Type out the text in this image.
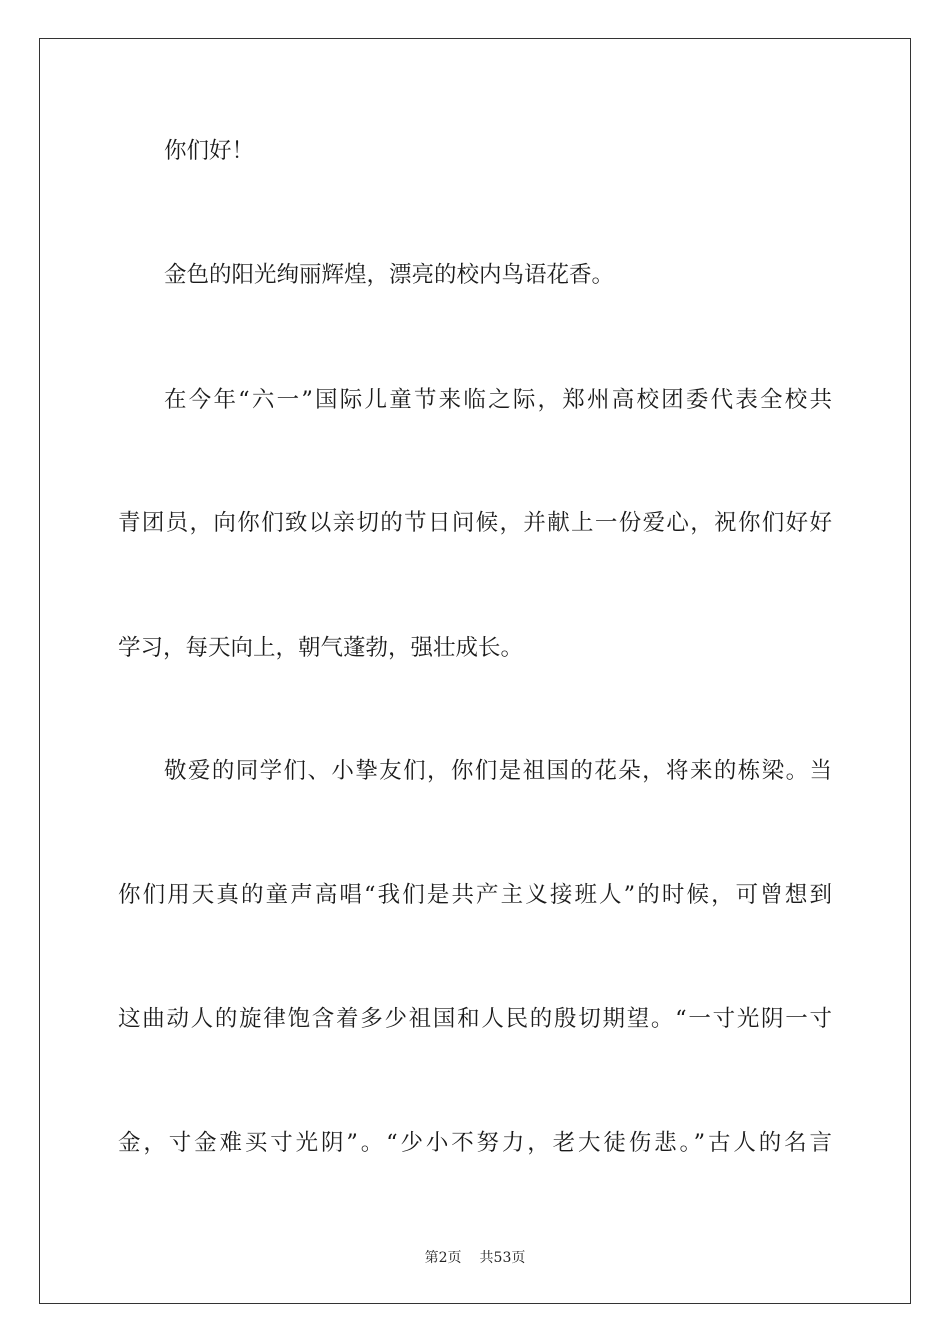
你们好！
金色的阳光绚丽辉煌，漂亮的校内鸟语花香。
在今年“六一”国际儿童节来临之际，郑州高校团委代表全校共
青团员，向你们致以亲切的节日问候，并献上一份爱心，祝你们好好
学习，每天向上，朝气蓬勃，强壮成长。
敬爱的同学们、小挚友们，你们是祖国的花朵，将来的栋梁。当
你们用天真的童声高唱“我们是共产主义接班人”的时候，可曾想到
这曲动人的旋律饱含着多少祖国和人民的殷切期望。“一寸光阴一寸
金，寸金难买寸光阴”。“少小不努力，老大徒伤悲。”古人的名言
第2页 共53页
